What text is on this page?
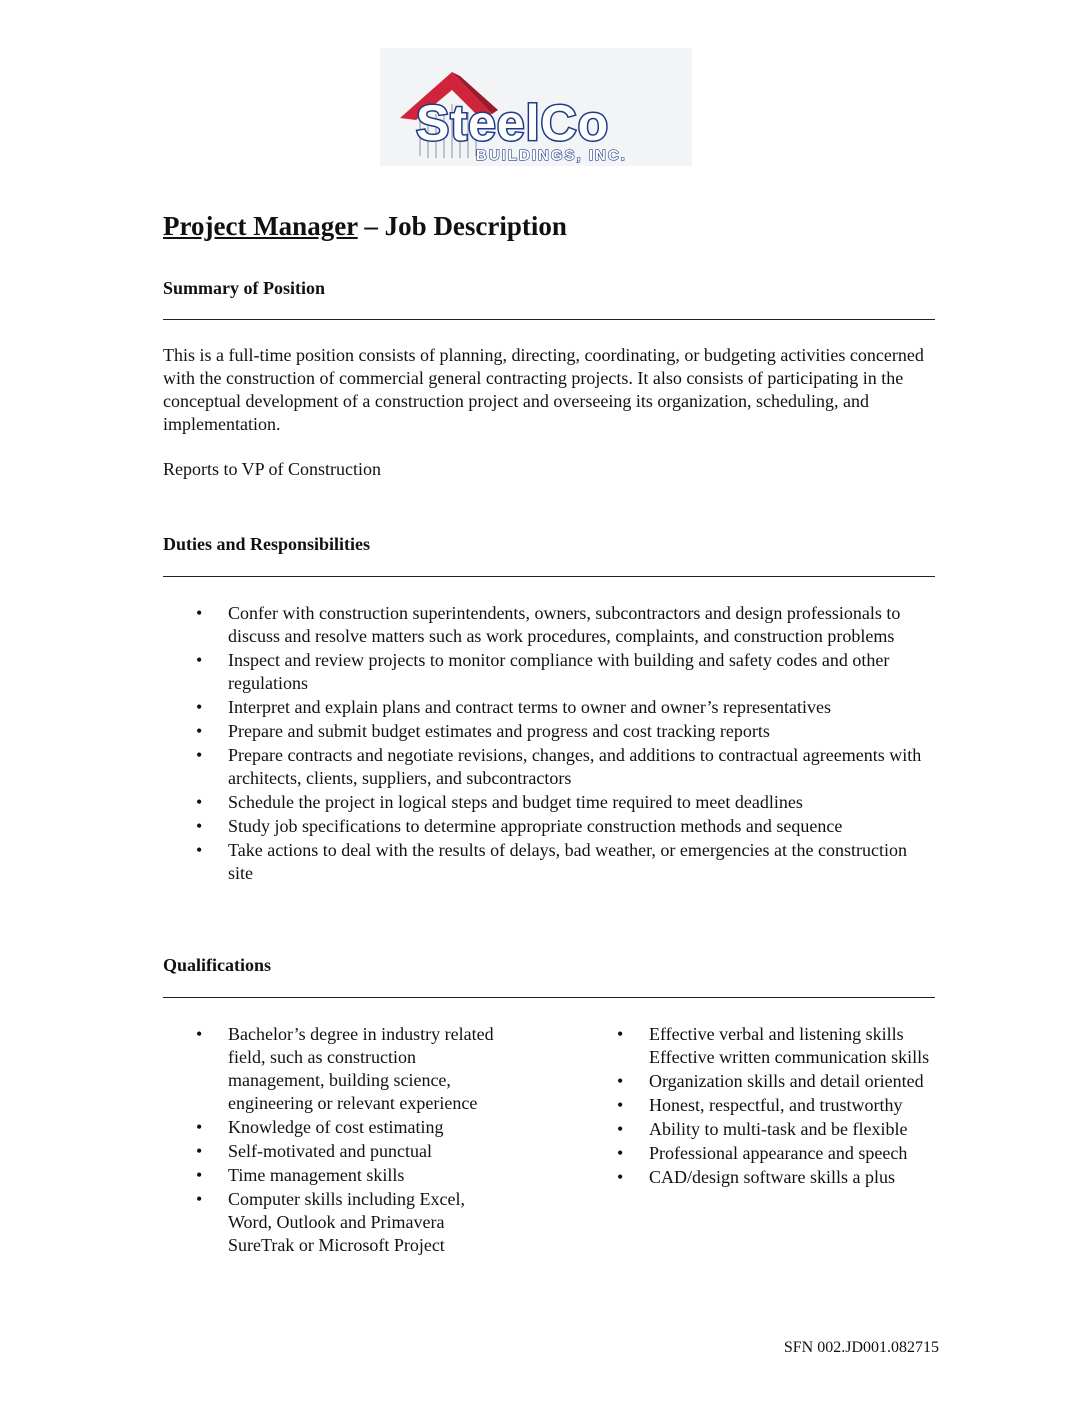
SteelCo
BUILDINGS, INC.
Project Manager – Job Description
Summary of Position

This is a full-time position consists of planning, directing, coordinating, or budgeting activities concerned with the construction of commercial general contracting projects. It also consists of participating in the conceptual development of a construction project and overseeing its organization, scheduling, and implementation.

Reports to VP of Construction

Duties and Responsibilities
• Confer with construction superintendents, owners, subcontractors and design professionals to discuss and resolve matters such as work procedures, complaints, and construction problems
• Inspect and review projects to monitor compliance with building and safety codes and other regulations
• Interpret and explain plans and contract terms to owner and owner’s representatives
• Prepare and submit budget estimates and progress and cost tracking reports
• Prepare contracts and negotiate revisions, changes, and additions to contractual agreements with architects, clients, suppliers, and subcontractors
• Schedule the project in logical steps and budget time required to meet deadlines
• Study job specifications to determine appropriate construction methods and sequence
• Take actions to deal with the results of delays, bad weather, or emergencies at the construction site
Qualifications
• Bachelor’s degree in industry related field, such as construction management, building science, engineering or relevant experience
• Knowledge of cost estimating
• Self-motivated and punctual
• Time management skills
• Computer skills including Excel, Word, Outlook and Primavera SureTrak or Microsoft Project
• Effective verbal and listening skills Effective written communication skills
• Organization skills and detail oriented
• Honest, respectful, and trustworthy
• Ability to multi-task and be flexible
• Professional appearance and speech
• CAD/design software skills a plus
SFN 002.JD001.082715
